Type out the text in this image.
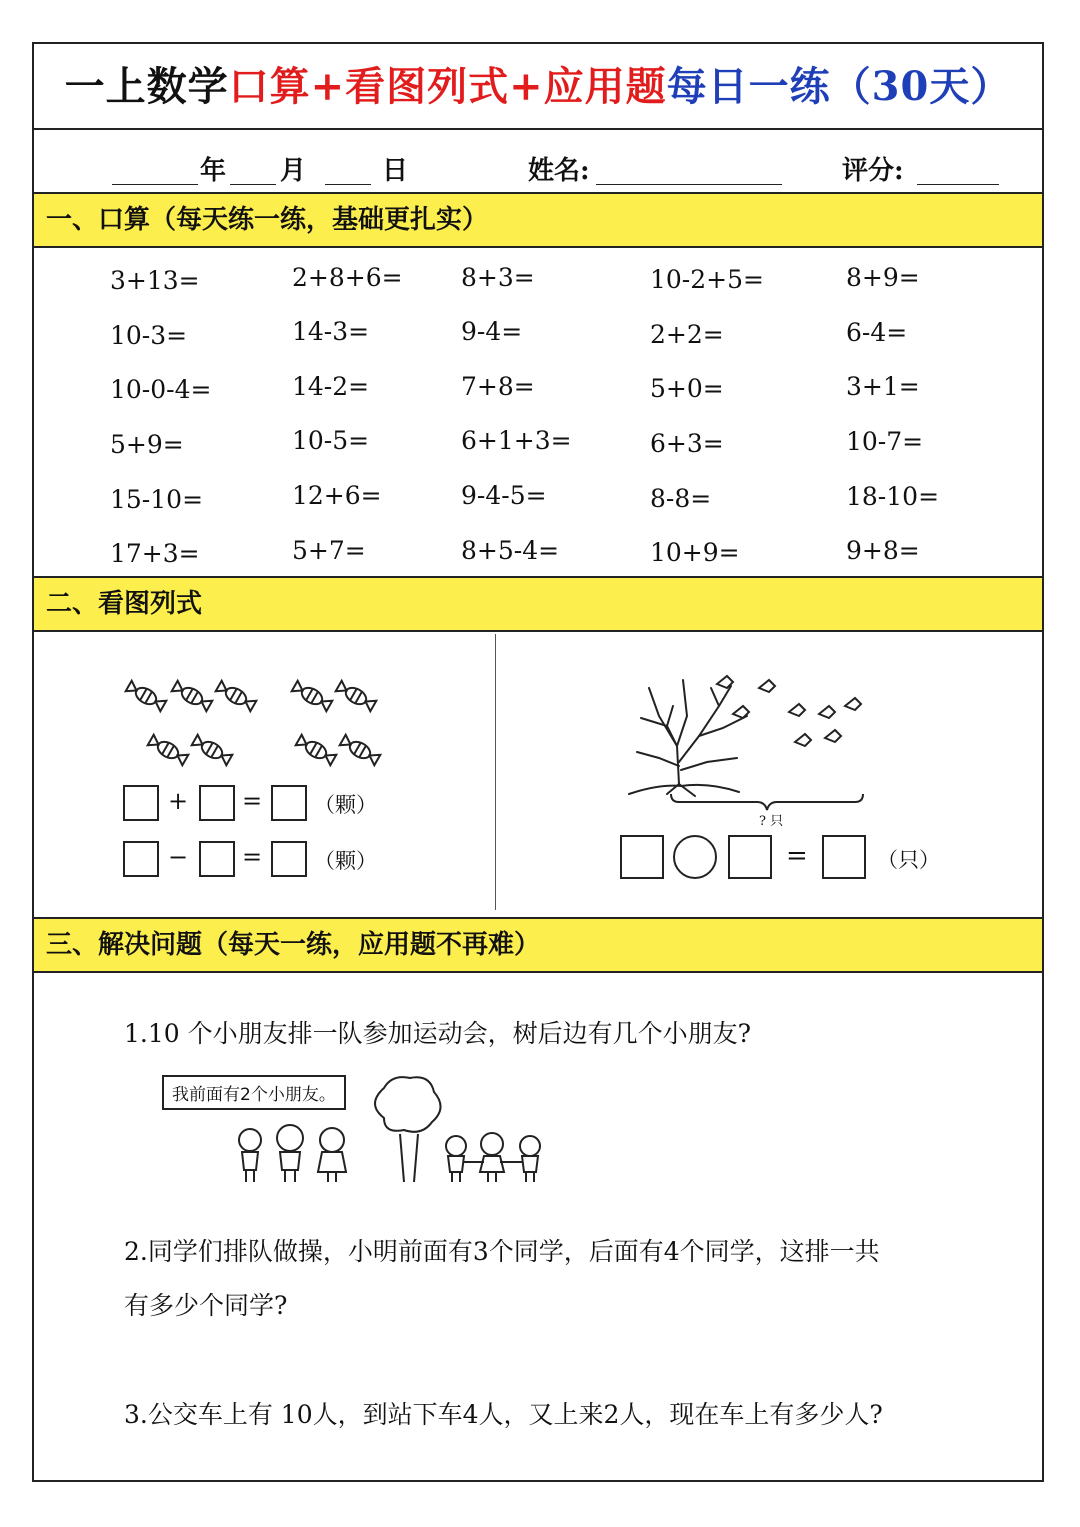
一上数学口算+看图列式+应用题每日一练（30天）
年 月	日	姓名:	评分:
一、口算（每天练一练，基础更扎实）
3+13=	2+8+6= 8+3=	10-2+5=	8+9=
10-3=	14-3=	9-4=	2+2=	6-4=
10-0-4=	14-2=	7+8=	5+0=	3+1=
5+9=	10-5=	6+1+3=	6+3=	10-7=
15-10=	12+6=	9-4-5=	8-8=	18-10=
17+3=	5+7=	8+5-4=	10+9=	9+8=
二、看图列式
+ =
− =
（颗）
（颗）
? 只
=	（只）
三、解决问题（每天一练，应用题不再难）
1.10 个小朋友排一队参加运动会，树后边有几个小朋友?
我前面有2个小朋友。
2.同学们排队做操，小明前面有3个同学，后面有4个同学，这排一共
有多少个同学?
3.公交车上有 10人，到站下车4人，又上来2人，现在车上有多少人?
